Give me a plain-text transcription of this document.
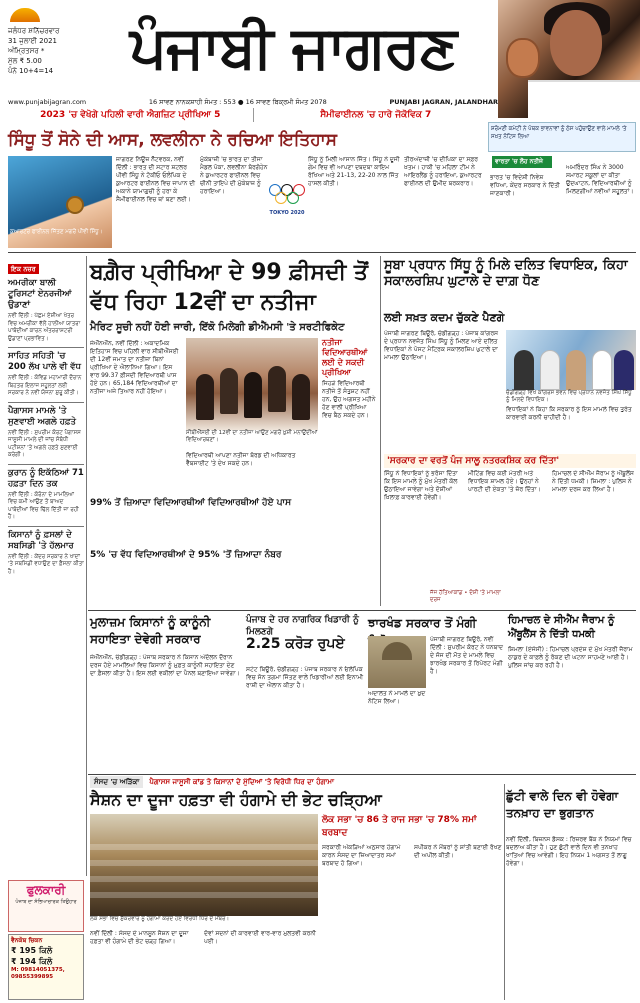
ਜਲੰਧਰ ਸ਼ਨਿੱਚਰਵਾਰ
31 ਜੁਲਾਈ 2021
ਅੰਮ੍ਰਿਤਸਰ *
ਮੁੱਲ ₹ 5.00
ਪੰਨੇ 10+4=14	ਪੰਜਾਬੀ ਜਾਗਰਣ
www.punjabijagran.com	16 ਸਾਵਣ ਨਾਨਕਸ਼ਾਹੀ ਸੰਮਤ : 553 ● 16 ਸਾਵਣ ਬਿਕ੍ਰਮੀ ਸੰਮਤ 2078	PUNJABI JAGRAN, JALANDHAR
2023 'ਚ ਵੇਖੋਗੇ ਪਹਿਲੀ ਵਾਰੀ ਐਗਜ਼ਿਟ ਪ੍ਰੀਖਿਆ 5	ਸੈਮੀਫਾਈਨਲ 'ਚ ਹਾਰੇ ਜੋਕੋਵਿਕ 7
ਸਿੰਧੂ ਤੋਂ ਸੋਨੇ ਦੀ ਆਸ, ਲਵਲੀਨਾ ਨੇ ਰਚਿਆ ਇਤਿਹਾਸ
ਕੁਆਰਟਰ ਫਾਈਨਲ ਜਿੱਤਣ ਮਗਰੋਂ ਪੀਵੀ ਸਿੰਧੂ।
ਜਾਗਰਣ ਨਿਊਜ਼ ਨੈੱਟਵਰਕ, ਨਵੀਂ ਦਿੱਲੀ : ਭਾਰਤ ਦੀ ਸਟਾਰ ਸ਼ਟਲਰ ਪੀਵੀ ਸਿੰਧੂ ਨੇ ਟੋਕੀਓ ਓਲੰਪਿਕ ਦੇ ਕੁਆਰਟਰ ਫਾਈਨਲ ਵਿਚ ਜਾਪਾਨ ਦੀ ਅਕਾਨੇ ਯਾਮਾਗੁਚੀ ਨੂੰ ਹਰਾ ਕੇ ਸੈਮੀਫਾਈਨਲ ਵਿਚ ਥਾਂ ਬਣਾ ਲਈ।
ਮੁੱਕੇਬਾਜ਼ੀ 'ਚ ਭਾਰਤ ਦਾ ਤੀਜਾ ਮੈਡਲ ਪੱਕਾ, ਲਵਲੀਨਾ ਬੋਰਗੋਹੇਨ ਨੇ ਕੁਆਰਟਰ ਫਾਈਨਲ ਵਿਚ ਚੀਨੀ ਤਾਇਪੇ ਦੀ ਮੁੱਕੇਬਾਜ਼ ਨੂੰ ਹਰਾਇਆ।
TOKYO 2020
ਸਿੰਧੂ ਨੂੰ ਮਿਲੀ ਆਸਾਨ ਜਿੱਤ। ਸਿੰਧੂ ਨੇ ਦੂਜੀ ਗੇਮ ਵਿਚ ਵੀ ਆਪਣਾ ਦਬਦਬਾ ਕਾਇਮ ਰੱਖਿਆ ਅਤੇ 21-13, 22-20 ਨਾਲ ਜਿੱਤ ਹਾਸਲ ਕੀਤੀ।
ਤੀਰਅੰਦਾਜ਼ੀ 'ਚ ਦੀਪਿਕਾ ਦਾ ਸਫ਼ਰ ਖ਼ਤਮ। ਹਾਕੀ 'ਚ ਮਹਿਲਾ ਟੀਮ ਨੇ ਆਇਰਲੈਂਡ ਨੂੰ ਹਰਾਇਆ, ਕੁਆਰਟਰ ਫਾਈਨਲ ਦੀ ਉਮੀਦ ਬਰਕਰਾਰ।
ਸ਼ਰੋਮਣੀ ਕਮੇਟੀ ਨੇ ਪੰਥਕ ਭਾਵਨਾਵਾਂ ਨੂੰ ਠੇਸ ਪਹੁੰਚਾਉਣ ਵਾਲੇ ਮਾਮਲੇ 'ਤੇ ਸਖ਼ਤ ਨੋਟਿਸ ਲਿਆ
ਵਾਰਤਾ 'ਚ ਲੋਹ ਨਤੀਜੇ
ਭਾਰਤ 'ਚ ਵਿਦੇਸ਼ੀ ਨਿਵੇਸ਼ ਵਧਿਆ, ਕੇਂਦਰ ਸਰਕਾਰ ਨੇ ਦਿੱਤੀ ਜਾਣਕਾਰੀ।
ਅਮਰਿੰਦਰ ਸਿੰਘ ਨੇ 3000 ਸਮਾਰਟ ਸਕੂਲਾਂ ਦਾ ਕੀਤਾ ਉਦਘਾਟਨ, ਵਿਦਿਆਰਥੀਆਂ ਨੂੰ ਮਿਲਣਗੀਆਂ ਨਵੀਆਂ ਸਹੂਲਤਾਂ।
ਇਕ ਨਜ਼ਰ
ਅਮਰੀਕਾ ਬਾਲੀ ਟੂਰਿਸਟਾਂ ਏਨਰਜੀਆਂ ਉਡਾਣਾਂ
ਨਵੀਂ ਦਿੱਲੀ : ਪੱਛਮ ਏਸ਼ੀਆ ਖੇਤਰ ਵਿਚ ਅਮਰੀਕਾ ਵੱਲੋਂ ਹਾਲੀਆ ਯਾਤਰਾ ਪਾਬੰਦੀਆਂ ਕਾਰਨ ਅੰਤਰਰਾਸ਼ਟਰੀ ਉਡਾਣਾਂ ਪ੍ਰਭਾਵਿਤ।
ਸਾਹਿਤ ਸਹਿਤੀ 'ਚ 200 ਲੱਖ ਪਾਲੇ ਵੀ ਵੱਧ
ਨਵੀਂ ਦਿੱਲੀ : ਕੋਵਿਡ ਮਹਾਮਾਰੀ ਦੌਰਾਨ ਬਿਹਤਰ ਇਲਾਜ ਸਹੂਲਤਾਂ ਲਈ ਸਰਕਾਰ ਨੇ ਨਵੀਂ ਯੋਜਨਾ ਸ਼ੁਰੂ ਕੀਤੀ।
ਪੈਗਾਸਸ ਮਾਮਲੇ 'ਤੇ ਸੁਣਵਾਈ ਅਗਲੇ ਹਫ਼ਤੇ
ਨਵੀਂ ਦਿੱਲੀ : ਸੁਪਰੀਮ ਕੋਰਟ ਪੈਗਾਸਸ ਜਾਸੂਸੀ ਮਾਮਲੇ ਦੀ ਜਾਂਚ ਸੰਬੰਧੀ ਪਟੀਸ਼ਨਾਂ 'ਤੇ ਅਗਲੇ ਹਫ਼ਤੇ ਸੁਣਵਾਈ ਕਰੇਗੀ।
ਕੁਰਾਨ ਨੂੰ ਇਕੱਠਿਆਂ 71 ਹਫ਼ਤਾ ਦਿਨ ਤਕ
ਨਵੀਂ ਦਿੱਲੀ : ਕੋਰੋਨਾ ਦੇ ਮਾਮਲਿਆਂ ਵਿਚ ਕਮੀ ਆਉਣ ਤੋਂ ਬਾਅਦ ਪਾਬੰਦੀਆਂ ਵਿਚ ਢਿੱਲ ਦਿੱਤੀ ਜਾ ਰਹੀ ਹੈ।
ਕਿਸਾਨਾਂ ਨੂੰ ਫ਼ਸਲਾਂ ਦੇ ਸਬਸਿਡੀ 'ਤੇ ਹੱਲਮਾਰ
ਨਵੀਂ ਦਿੱਲੀ : ਕੇਂਦਰ ਸਰਕਾਰ ਨੇ ਖਾਦਾਂ 'ਤੇ ਸਬਸਿਡੀ ਵਧਾਉਣ ਦਾ ਫ਼ੈਸਲਾ ਕੀਤਾ ਹੈ।
ਬਗ਼ੈਰ ਪ੍ਰੀਖਿਆ ਦੇ 99 ਫ਼ੀਸਦੀ ਤੋਂ ਵੱਧ ਰਿਹਾ 12ਵੀਂ ਦਾ ਨਤੀਜਾ
ਮੈਰਿਟ ਸੂਚੀ ਨਹੀਂ ਹੋਈ ਜਾਰੀ, ਇੱਕੋ ਮਿਲੇਗੀ ਡੀਐੱਮਸੀ 'ਤੇ ਸਰਟੀਫਿਕੇਟ
ਜੇਐੱਨਐੱਨ, ਨਵੀਂ ਦਿੱਲੀ : ਅਕਾਦਮਿਕ ਇਤਿਹਾਸ ਵਿਚ ਪਹਿਲੀ ਵਾਰ ਸੀਬੀਐੱਸਈ ਦੀ 12ਵੀਂ ਜਮਾਤ ਦਾ ਨਤੀਜਾ ਬਿਨਾਂ ਪ੍ਰੀਖਿਆ ਦੇ ਐਲਾਨਿਆ ਗਿਆ। ਇਸ ਵਾਰ 99.37 ਫ਼ੀਸਦੀ ਵਿਦਿਆਰਥੀ ਪਾਸ ਹੋਏ ਹਨ। 65,184 ਵਿਦਿਆਰਥੀਆਂ ਦਾ ਨਤੀਜਾ ਅਜੇ ਤਿਆਰ ਨਹੀਂ ਹੋਇਆ।
ਸੀਬੀਐੱਸਈ ਦੀ 12ਵੀਂ ਦਾ ਨਤੀਜਾ ਆਉਣ ਮਗਰੋਂ ਖ਼ੁਸ਼ੀ ਮਨਾਉਂਦੀਆਂ ਵਿਦਿਆਰਥਣਾਂ।
ਵਿਦਿਆਰਥੀ ਆਪਣਾ ਨਤੀਜਾ ਬੋਰਡ ਦੀ ਅਧਿਕਾਰਤ ਵੈੱਬਸਾਈਟ 'ਤੇ ਦੇਖ ਸਕਦੇ ਹਨ।
ਨਤੀਜਾ ਵਿਦਿਆਰਥੀਆਂ ਲਈ ਦੇ ਸਕਦੀ ਪ੍ਰੀਖਿਆ
ਜਿਹੜੇ ਵਿਦਿਆਰਥੀ ਨਤੀਜੇ ਤੋਂ ਸੰਤੁਸ਼ਟ ਨਹੀਂ ਹਨ, ਉਹ ਅਗਸਤ ਮਹੀਨੇ ਹੋਣ ਵਾਲੀ ਪ੍ਰੀਖਿਆ ਵਿਚ ਬੈਠ ਸਕਦੇ ਹਨ।
99% ਤੋਂ ਜ਼ਿਆਦਾ ਵਿਦਿਆਰਥੀਆਂ ਵਿਦਿਆਰਥੀਆਂ ਹੋਏ ਪਾਸ
5% 'ਚ ਵੱਧ ਵਿਦਿਆਰਥੀਆਂ ਦੇ 95% 'ਤੋਂ ਜ਼ਿਆਦਾ ਨੰਬਰ
ਸੂਬਾ ਪ੍ਰਧਾਨ ਸਿੱਧੂ ਨੂੰ ਮਿਲੇ ਦਲਿਤ ਵਿਧਾਇਕ, ਕਿਹਾ ਸਕਾਲਰਸ਼ਿਪ ਘੁਟਾਲੇ ਦੇ ਦਾਗ਼ ਧੋਣ
ਲਈ ਸਖ਼ਤ ਕਦਮ ਚੁੱਕਣੇ ਪੈਣਗੇ
ਪੰਜਾਬੀ ਜਾਗਰਣ ਬਿਊਰੋ, ਚੰਡੀਗੜ੍ਹ : ਪੰਜਾਬ ਕਾਂਗਰਸ ਦੇ ਪ੍ਰਧਾਨ ਨਵਜੋਤ ਸਿੰਘ ਸਿੱਧੂ ਨੂੰ ਮਿਲਣ ਆਏ ਦਲਿਤ ਵਿਧਾਇਕਾਂ ਨੇ ਪੋਸਟ ਮੈਟ੍ਰਿਕ ਸਕਾਲਰਸ਼ਿਪ ਘੁਟਾਲੇ ਦਾ ਮਾਮਲਾ ਉਠਾਇਆ।
ਚੰਡੀਗੜ੍ਹ ਵਿਖੇ ਕਾਂਗਰਸ ਭਵਨ ਵਿਚ ਪ੍ਰਧਾਨ ਨਵਜੋਤ ਸਿੰਘ ਸਿੱਧੂ ਨੂੰ ਮਿਲਦੇ ਵਿਧਾਇਕ।
ਵਿਧਾਇਕਾਂ ਨੇ ਕਿਹਾ ਕਿ ਸਰਕਾਰ ਨੂੰ ਇਸ ਮਾਮਲੇ ਵਿਚ ਤੁਰੰਤ ਕਾਰਵਾਈ ਕਰਨੀ ਚਾਹੀਦੀ ਹੈ।
'ਸਰਕਾਰ ਦਾ ਵਰਤੋਂ ਪੰਜ ਸਾਲੂ ਨਤਰਕਸ਼ਿਕ ਕਰ ਦਿੱਤਾ'
ਸਿੱਧੂ ਨੇ ਵਿਧਾਇਕਾਂ ਨੂੰ ਭਰੋਸਾ ਦਿੱਤਾ ਕਿ ਇਸ ਮਾਮਲੇ ਨੂੰ ਮੁੱਖ ਮੰਤਰੀ ਕੋਲ ਉਠਾਇਆ ਜਾਵੇਗਾ ਅਤੇ ਦੋਸ਼ੀਆਂ ਖ਼ਿਲਾਫ਼ ਕਾਰਵਾਈ ਹੋਵੇਗੀ।
ਮੀਟਿੰਗ ਵਿਚ ਕਈ ਮੰਤਰੀ ਅਤੇ ਵਿਧਾਇਕ ਸ਼ਾਮਲ ਹੋਏ। ਉਨ੍ਹਾਂ ਨੇ ਪਾਰਟੀ ਦੀ ਏਕਤਾ 'ਤੇ ਜ਼ੋਰ ਦਿੱਤਾ।
ਹਿਮਾਚਲ ਦੇ ਸੀਐੱਮ ਜੈਰਾਮ ਨੂੰ ਐਂਬੂਲੈਂਸ ਨੇ ਦਿੱਤੀ ਧਮਕੀ। ਸ਼ਿਮਲਾ : ਪੁਲਿਸ ਨੇ ਮਾਮਲਾ ਦਰਜ ਕਰ ਲਿਆ ਹੈ।
ਮੁਲਾਜ਼ਮ ਕਿਸਾਨਾਂ ਨੂੰ ਕਾਨੂੰਨੀ ਸਹਾਇਤਾ ਦੇਵੇਗੀ ਸਰਕਾਰ
ਜੇਐੱਨਐੱਨ, ਚੰਡੀਗੜ੍ਹ : ਪੰਜਾਬ ਸਰਕਾਰ ਨੇ ਕਿਸਾਨ ਅੰਦੋਲਨ ਦੌਰਾਨ ਦਰਜ ਹੋਏ ਮਾਮਲਿਆਂ ਵਿਚ ਕਿਸਾਨਾਂ ਨੂੰ ਮੁਫ਼ਤ ਕਾਨੂੰਨੀ ਸਹਾਇਤਾ ਦੇਣ ਦਾ ਫ਼ੈਸਲਾ ਕੀਤਾ ਹੈ। ਇਸ ਲਈ ਵਕੀਲਾਂ ਦਾ ਪੈਨਲ ਬਣਾਇਆ ਜਾਵੇਗਾ।
ਪੰਜਾਬ ਦੇ ਹਰ ਨਾਗਰਿਕ ਖਿਡਾਰੀ ਨੂੰ ਮਿਲਣਗੇ
2.25 ਕਰੋੜ ਰੁਪਏ
ਸਟੇਟ ਬਿਊਰੋ, ਚੰਡੀਗੜ੍ਹ : ਪੰਜਾਬ ਸਰਕਾਰ ਨੇ ਓਲੰਪਿਕ ਵਿਚ ਸੋਨ ਤਗਮਾ ਜਿੱਤਣ ਵਾਲੇ ਖਿਡਾਰੀਆਂ ਲਈ ਇਨਾਮੀ ਰਾਸ਼ੀ ਦਾ ਐਲਾਨ ਕੀਤਾ ਹੈ।
ਜੱਜ ਹੱਤਿਆਕਾਂਡ • ਦੋਸ਼ੀ 'ਤੇ ਮਾਮਲਾ ਦਰਜ
ਝਾਰਖੰਡ ਸਰਕਾਰ ਤੋਂ ਮੰਗੀ
ਪੰਜਾਬੀ ਜਾਗਰਣ ਬਿਊਰੋ, ਨਵੀਂ ਦਿੱਲੀ : ਸੁਪਰੀਮ ਕੋਰਟ ਨੇ ਧਨਬਾਦ ਦੇ ਜੱਜ ਦੀ ਮੌਤ ਦੇ ਮਾਮਲੇ ਵਿਚ ਝਾਰਖੰਡ ਸਰਕਾਰ ਤੋਂ ਰਿਪੋਰਟ ਮੰਗੀ ਹੈ।
ਅਦਾਲਤ ਨੇ ਮਾਮਲੇ ਦਾ ਖ਼ੁਦ ਨੋਟਿਸ ਲਿਆ।
ਹਿਮਾਚਲ ਦੇ ਸੀਐੱਮ ਜੈਰਾਮ ਨੂੰ ਐਂਬੂਲੈਂਸ ਨੇ ਦਿੱਤੀ ਧਮਕੀ
ਸ਼ਿਮਲਾ (ਏਜੰਸੀ) : ਹਿਮਾਚਲ ਪ੍ਰਦੇਸ਼ ਦੇ ਮੁੱਖ ਮੰਤਰੀ ਜੈਰਾਮ ਠਾਕੁਰ ਦੇ ਕਾਫ਼ਲੇ ਨੂੰ ਰੋਕਣ ਦੀ ਘਟਨਾ ਸਾਹਮਣੇ ਆਈ ਹੈ। ਪੁਲਿਸ ਜਾਂਚ ਕਰ ਰਹੀ ਹੈ।
ਸੰਸਦ 'ਚ ਅੜਿੱਕਾ	ਪੈਗਾਸਸ ਜਾਸੂਸੀ ਕਾਂਡ ਤੇ ਕਿਸਾਨਾਂ ਦੇ ਮੁੱਦਿਆਂ 'ਤੇ ਵਿਰੋਧੀ ਧਿਰ ਦਾ ਹੰਗਾਮਾ
ਸੈਸ਼ਨ ਦਾ ਦੂਜਾ ਹਫ਼ਤਾ ਵੀ ਹੰਗਾਮੇ ਦੀ ਭੇਟ ਚੜ੍ਹਿਆ
ਲੋਕ ਸਭਾ ਵਿਚ ਸ਼ੁੱਕਰਵਾਰ ਨੂੰ ਹੰਗਾਮਾ ਕਰਦੇ ਹੋਏ ਵਿਰੋਧੀ ਧਿਰ ਦੇ ਮੈਂਬਰ।
ਨਵੀਂ ਦਿੱਲੀ : ਸੰਸਦ ਦੇ ਮਾਨਸੂਨ ਸੈਸ਼ਨ ਦਾ ਦੂਜਾ ਹਫ਼ਤਾ ਵੀ ਹੰਗਾਮੇ ਦੀ ਭੇਟ ਚੜ੍ਹ ਗਿਆ।
ਦੋਵਾਂ ਸਦਨਾਂ ਦੀ ਕਾਰਵਾਈ ਵਾਰ-ਵਾਰ ਮੁਲਤਵੀ ਕਰਨੀ ਪਈ।
ਲੋਕ ਸਭਾ 'ਚ 86 ਤੇ ਰਾਜ ਸਭਾ 'ਚ 78% ਸਮਾਂ ਬਰਬਾਦ
ਸਰਕਾਰੀ ਅੰਕੜਿਆਂ ਅਨੁਸਾਰ ਹੰਗਾਮੇ ਕਾਰਨ ਸੰਸਦ ਦਾ ਜ਼ਿਆਦਾਤਰ ਸਮਾਂ ਬਰਬਾਦ ਹੋ ਗਿਆ।
ਸਪੀਕਰ ਨੇ ਮੈਂਬਰਾਂ ਨੂੰ ਸ਼ਾਂਤੀ ਬਣਾਈ ਰੱਖਣ ਦੀ ਅਪੀਲ ਕੀਤੀ।
ਛੁੱਟੀ ਵਾਲੇ ਦਿਨ ਵੀ ਹੋਵੇਗਾ ਤਨਖ਼ਾਹ ਦਾ ਭੁਗਤਾਨ
ਨਵੀਂ ਦਿੱਲੀ, ਬਿਜ਼ਨਸ ਡੈਸਕ : ਰਿਜ਼ਰਵ ਬੈਂਕ ਨੇ ਨਿਯਮਾਂ ਵਿਚ ਬਦਲਾਅ ਕੀਤਾ ਹੈ। ਹੁਣ ਛੁੱਟੀ ਵਾਲੇ ਦਿਨ ਵੀ ਤਨਖ਼ਾਹ ਖਾਤਿਆਂ ਵਿਚ ਆਵੇਗੀ। ਇਹ ਨਿਯਮ 1 ਅਗਸਤ ਤੋਂ ਲਾਗੂ ਹੋਵੇਗਾ।
ਫੁਲਕਾਰੀ
ਪੰਜਾਬ ਦਾ ਸੱਭਿਆਚਾਰਕ ਤਿਉਹਾਰ
ਵੈਨਕੋਬ ਚਿਕਨ
₹ 195 ਕਿਲੋ
₹ 194 ਕਿਲੋ
M: 09814051375, 09855399895
